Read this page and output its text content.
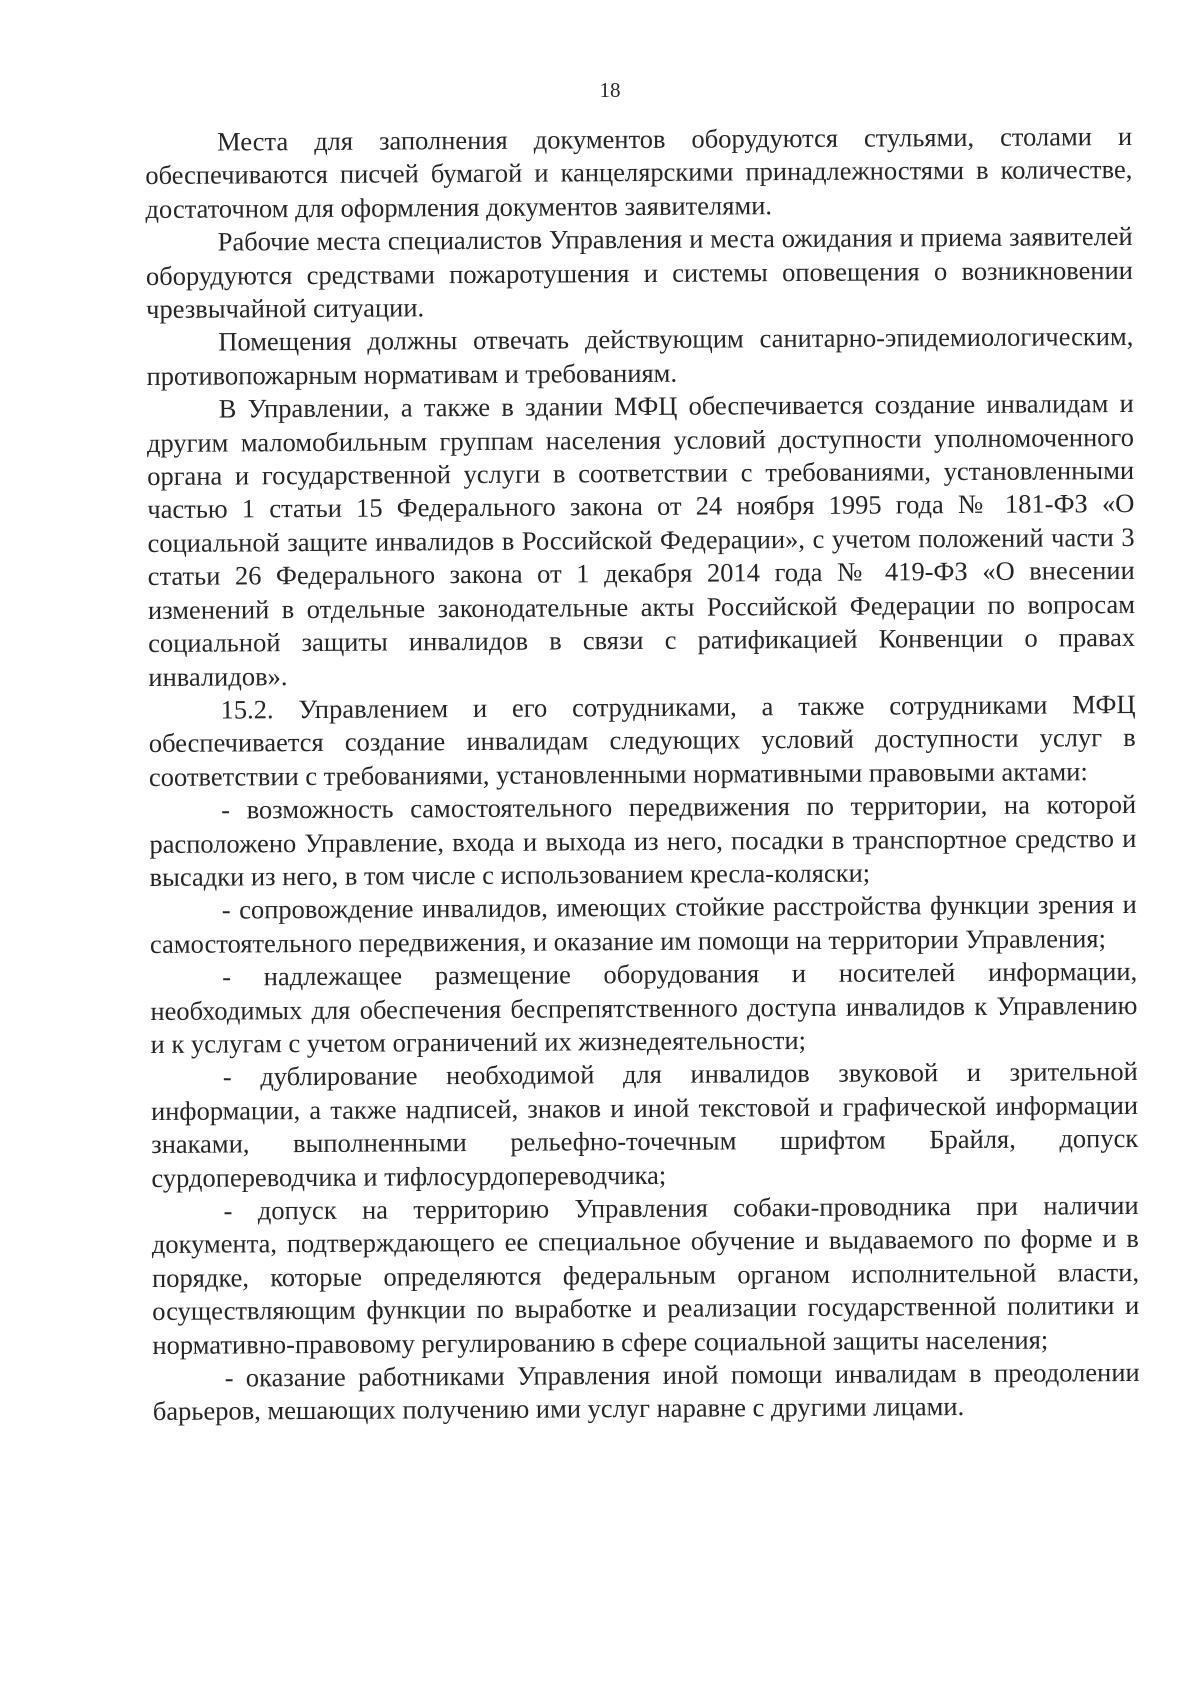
18

Места для заполнения документов оборудуются стульями, столами и обеспечиваются писчей бумагой и канцелярскими принадлежностями в количестве, достаточном для оформления документов заявителями.

Рабочие места специалистов Управления и места ожидания и приема заявителей оборудуются средствами пожаротушения и системы оповещения о возникновении чрезвычайной ситуации.

Помещения должны отвечать действующим санитарно-эпидемиологическим, противопожарным нормативам и требованиям.

В Управлении, а также в здании МФЦ обеспечивается создание инвалидам и другим маломобильным группам населения условий доступности уполномоченного органа и государственной услуги в соответствии с требованиями, установленными частью 1 статьи 15 Федерального закона от 24 ноября 1995 года № 181-ФЗ «О социальной защите инвалидов в Российской Федерации», с учетом положений части 3 статьи 26 Федерального закона от 1 декабря 2014 года № 419-ФЗ «О внесении изменений в отдельные законодательные акты Российской Федерации по вопросам социальной защиты инвалидов в связи с ратификацией Конвенции о правах инвалидов».

15.2. Управлением и его сотрудниками, а также сотрудниками МФЦ обеспечивается создание инвалидам следующих условий доступности услуг в соответствии с требованиями, установленными нормативными правовыми актами:

- возможность самостоятельного передвижения по территории, на которой расположено Управление, входа и выхода из него, посадки в транспортное средство и высадки из него, в том числе с использованием кресла-коляски;

- сопровождение инвалидов, имеющих стойкие расстройства функции зрения и самостоятельного передвижения, и оказание им помощи на территории Управления;

- надлежащее размещение оборудования и носителей информации, необходимых для обеспечения беспрепятственного доступа инвалидов к Управлению и к услугам с учетом ограничений их жизнедеятельности;

- дублирование необходимой для инвалидов звуковой и зрительной информации, а также надписей, знаков и иной текстовой и графической информации знаками, выполненными рельефно-точечным шрифтом Брайля, допуск сурдопереводчика и тифлосурдопереводчика;

- допуск на территорию Управления собаки-проводника при наличии документа, подтверждающего ее специальное обучение и выдаваемого по форме и в порядке, которые определяются федеральным органом исполнительной власти, осуществляющим функции по выработке и реализации государственной политики и нормативно-правовому регулированию в сфере социальной защиты населения;

- оказание работниками Управления иной помощи инвалидам в преодолении барьеров, мешающих получению ими услуг наравне с другими лицами.
